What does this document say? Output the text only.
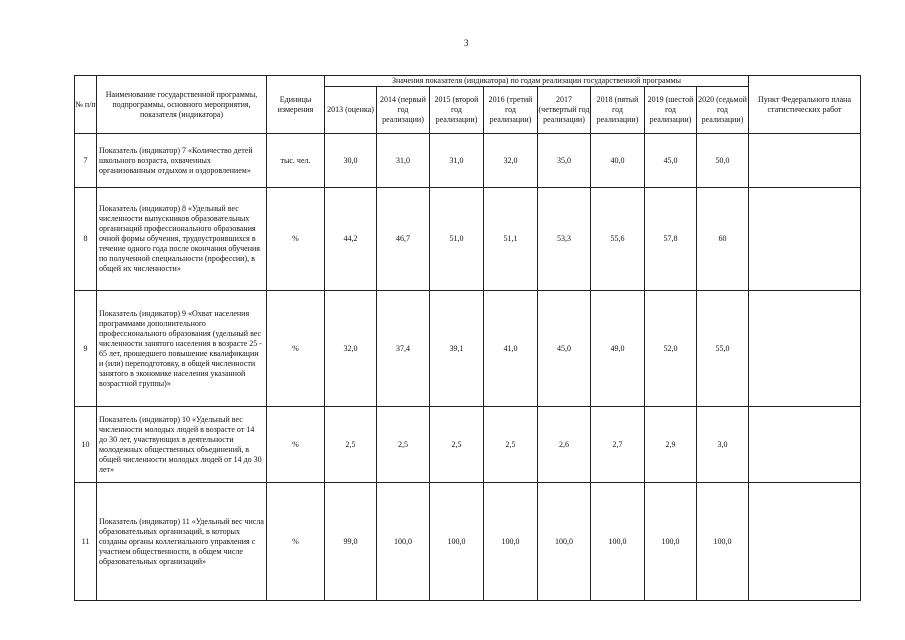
3
№ п/п	Наименование государственной программы, подпрограммы, основного мероприятия, показателя (индикатора)	Единицы измерения	Значения показателя (индикатора) по годам реализации государственной программы								Пункт Федерального плана статистических работ
			2013 (оценка)	2014 (первый год реализации)	2015 (второй год реализации)	2016 (третий год реализации)	2017 (четвертый год реализации)	2018 (пятый год реализации)	2019 (шестой год реализации)	2020 (седьмой год реализации)	
7	Показатель (индикатор) 7 «Количество детей школьного возраста, охваченных организованным отдыхом и оздоровлением»	тыс. чел.	30,0	31,0	31,0	32,0	35,0	40,0	45,0	50,0	
8	Показатель (индикатор) 8 «Удельный вес численности выпускников образовательных организаций профессионального образования очной формы обучения, трудоустроившихся в течение одного года после окончания обучения по полученной специальности (профессии), в общей их численности»	%	44,2	46,7	51,0	51,1	53,3	55,6	57,8	60	
9	Показатель (индикатор) 9 «Охват населения программами дополнительного профессионального образования (удельный вес численности занятого населения в возрасте 25 - 65 лет, прошедшего повышение квалификации и (или) переподготовку, в общей численности занятого в экономике населения указанной возрастной группы)»	%	32,0	37,4	39,1	41,0	45,0	49,0	52,0	55,0	
10	Показатель (индикатор) 10 «Удельный вес численности молодых людей в возрасте от 14 до 30 лет, участвующих в деятельности молодежных общественных объединений, в общей численности молодых людей от 14 до 30 лет»	%	2,5	2,5	2,5	2,5	2,6	2,7	2,9	3,0	
11	Показатель (индикатор) 11 «Удельный вес числа образовательных организаций, в которых созданы органы коллегиального управления с участием общественности, в общем числе образовательных организаций»	%	99,0	100,0	100,0	100,0	100,0	100,0	100,0	100,0	
